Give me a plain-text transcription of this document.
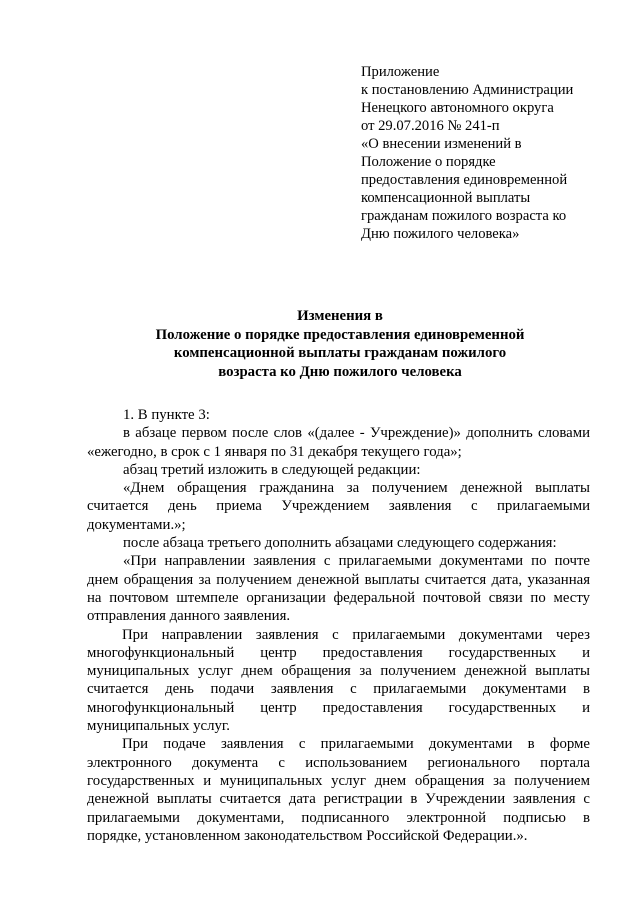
Приложение
к постановлению Администрации
Ненецкого автономного округа
от 29.07.2016 № 241-п
«О внесении изменений в
Положение о порядке
предоставления единовременной
компенсационной выплаты
гражданам пожилого возраста ко
Дню пожилого человека»
Изменения в
Положение о порядке предоставления единовременной
компенсационной выплаты гражданам пожилого
возраста ко Дню пожилого человека

1. В пункте 3:

в абзаце первом после слов «(далее - Учреждение)» дополнить словами
«ежегодно, в срок с 1 января по 31 декабря текущего года»;

абзац третий изложить в следующей редакции:

«Днем обращения гражданина за получением денежной выплаты
считается день приема Учреждением заявления с прилагаемыми
документами.»;

после абзаца третьего дополнить абзацами следующего содержания:

«При направлении заявления с прилагаемыми документами по почте
днем обращения за получением денежной выплаты считается дата, указанная
на почтовом штемпеле организации федеральной почтовой связи по месту
отправления данного заявления.

При направлении заявления с прилагаемыми документами через
многофункциональный центр предоставления государственных и
муниципальных услуг днем обращения за получением денежной выплаты
считается день подачи заявления с прилагаемыми документами в
многофункциональный центр предоставления государственных и
муниципальных услуг.

При подаче заявления с прилагаемыми документами в форме
электронного документа с использованием регионального портала
государственных и муниципальных услуг днем обращения за получением
денежной выплаты считается дата регистрации в Учреждении заявления с
прилагаемыми документами, подписанного электронной подписью в
порядке, установленном законодательством Российской Федерации.».
